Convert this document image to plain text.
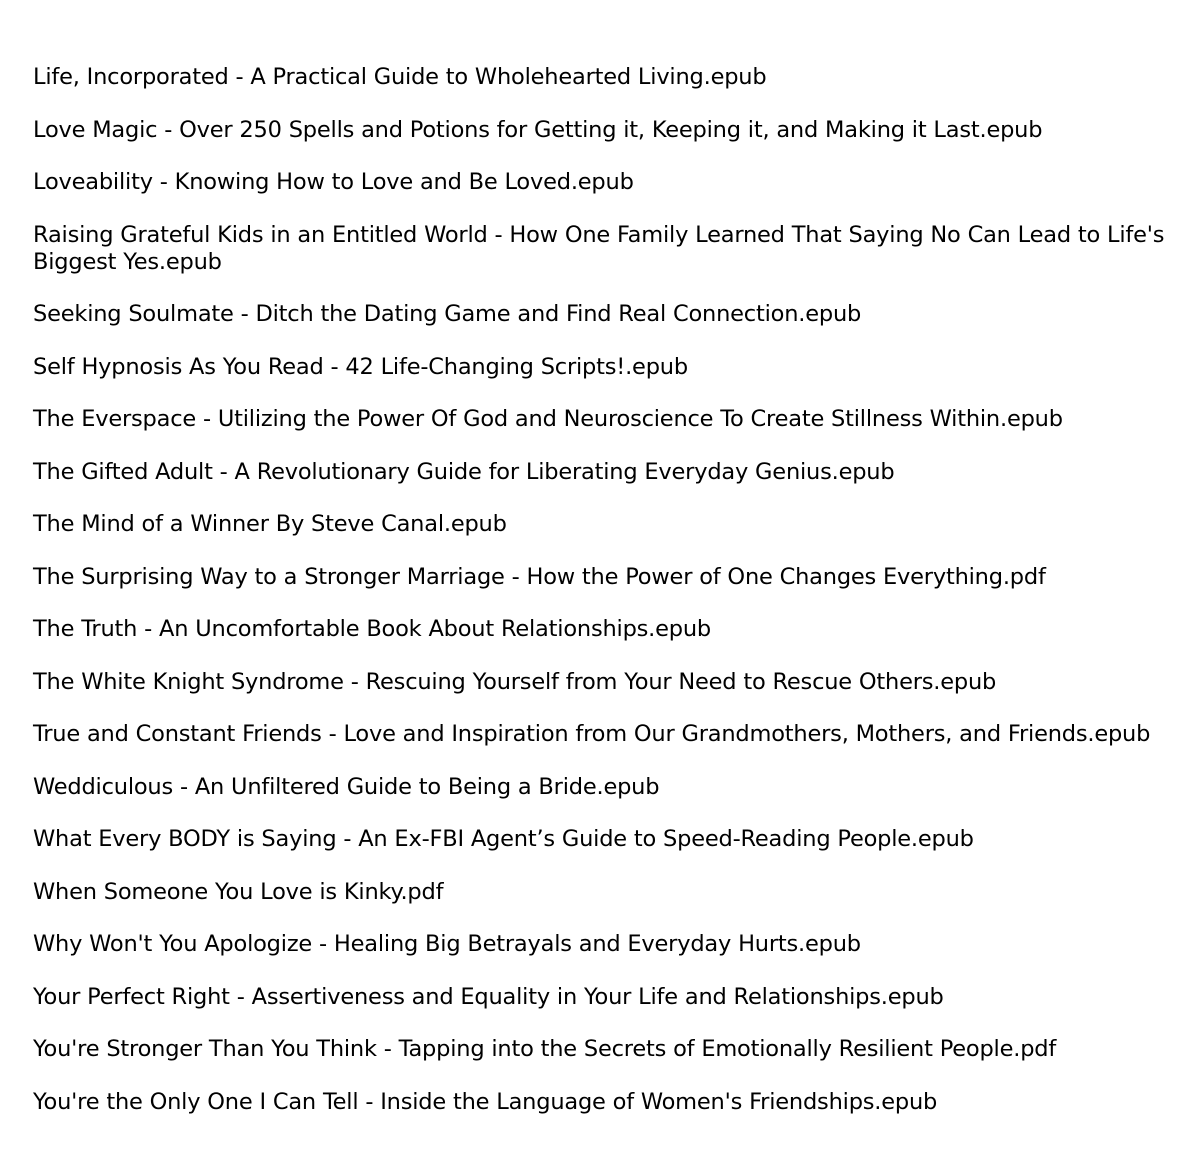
Life, Incorporated - A Practical Guide to Wholehearted Living.epub
Love Magic - Over 250 Spells and Potions for Getting it, Keeping it, and Making it Last.epub
Loveability - Knowing How to Love and Be Loved.epub
Raising Grateful Kids in an Entitled World - How One Family Learned That Saying No Can Lead to Life's Biggest Yes.epub
Seeking Soulmate - Ditch the Dating Game and Find Real Connection.epub
Self Hypnosis As You Read - 42 Life-Changing Scripts!.epub
The Everspace - Utilizing the Power Of God and Neuroscience To Create Stillness Within.epub
The Gifted Adult - A Revolutionary Guide for Liberating Everyday Genius.epub
The Mind of a Winner By Steve Canal.epub
The Surprising Way to a Stronger Marriage - How the Power of One Changes Everything.pdf
The Truth - An Uncomfortable Book About Relationships.epub
The White Knight Syndrome - Rescuing Yourself from Your Need to Rescue Others.epub
True and Constant Friends - Love and Inspiration from Our Grandmothers, Mothers, and Friends.epub
Weddiculous - An Unfiltered Guide to Being a Bride.epub
What Every BODY is Saying - An Ex-FBI Agent’s Guide to Speed-Reading People.epub
When Someone You Love is Kinky.pdf
Why Won't You Apologize - Healing Big Betrayals and Everyday Hurts.epub
Your Perfect Right - Assertiveness and Equality in Your Life and Relationships.epub
You're Stronger Than You Think - Tapping into the Secrets of Emotionally Resilient People.pdf
You're the Only One I Can Tell - Inside the Language of Women's Friendships.epub
